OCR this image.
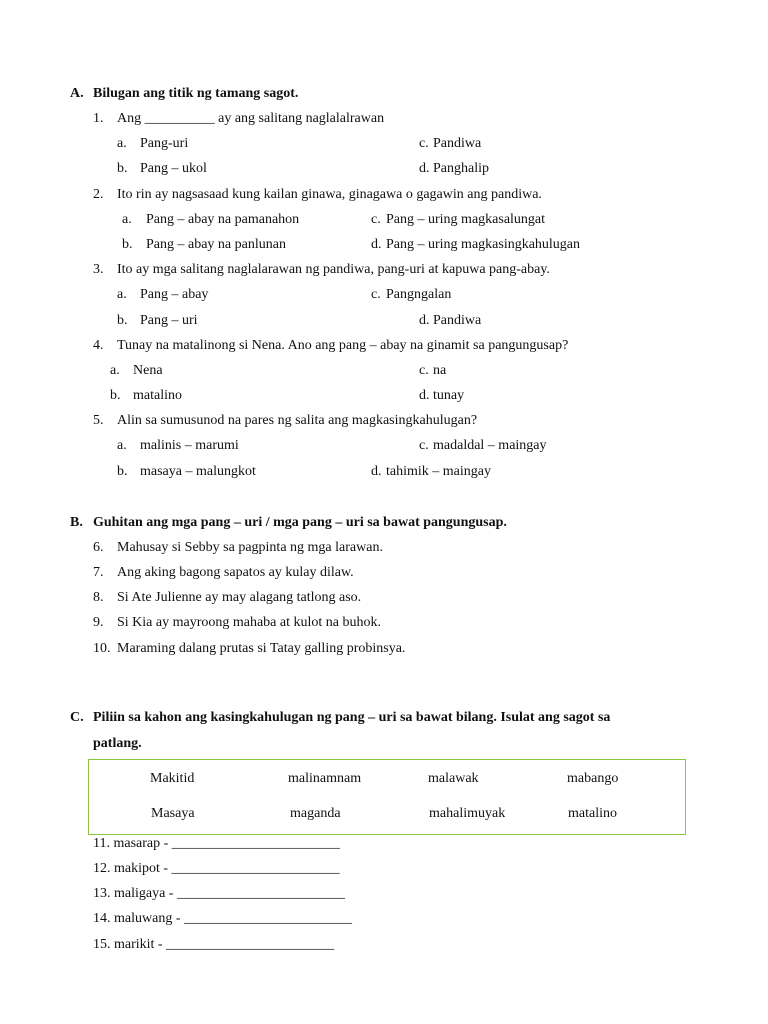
A. Bilugan ang titik ng tamang sagot.
1. Ang __________ ay ang salitang naglalalrawan
a. Pang-uri	c. Pandiwa
b. Pang – ukol	d. Panghalip
2. Ito rin ay nagsasaad kung kailan ginawa, ginagawa o gagawin ang pandiwa.
a. Pang – abay na pamanahon	c. Pang – uring magkasalungat
b. Pang – abay na panlunan	d. Pang – uring magkasingkahulugan
3. Ito ay mga salitang naglalarawan ng pandiwa, pang-uri at kapuwa pang-abay.
a. Pang – abay	c. Pangngalan
b. Pang – uri	d. Pandiwa
4. Tunay na matalinong si Nena. Ano ang pang – abay na ginamit sa pangungusap?
a. Nena	c. na
b. matalino	d. tunay
5. Alin sa sumusunod na pares ng salita ang magkasingkahulugan?
a. malinis – marumi	c. madaldal – maingay
b. masaya – malungkot	d. tahimik – maingay
B. Guhitan ang mga pang – uri / mga pang – uri sa bawat pangungusap.
6. Mahusay si Sebby sa pagpinta ng mga larawan.
7. Ang aking bagong sapatos ay kulay dilaw.
8. Si Ate Julienne ay may alagang tatlong aso.
9. Si Kia ay mayroong mahaba at kulot na buhok.
10. Maraming dalang prutas si Tatay galling probinsya.
C. Piliin sa kahon ang kasingkahulugan ng pang – uri sa bawat bilang. Isulat ang sagot sa
patlang.
Makitid	malinamnam	malawak	mabango
Masaya	maganda	mahalimuyak	matalino
11. masarap - ________________________
12. makipot - ________________________
13. maligaya - ________________________
14. maluwang - ________________________
15. marikit - ________________________
